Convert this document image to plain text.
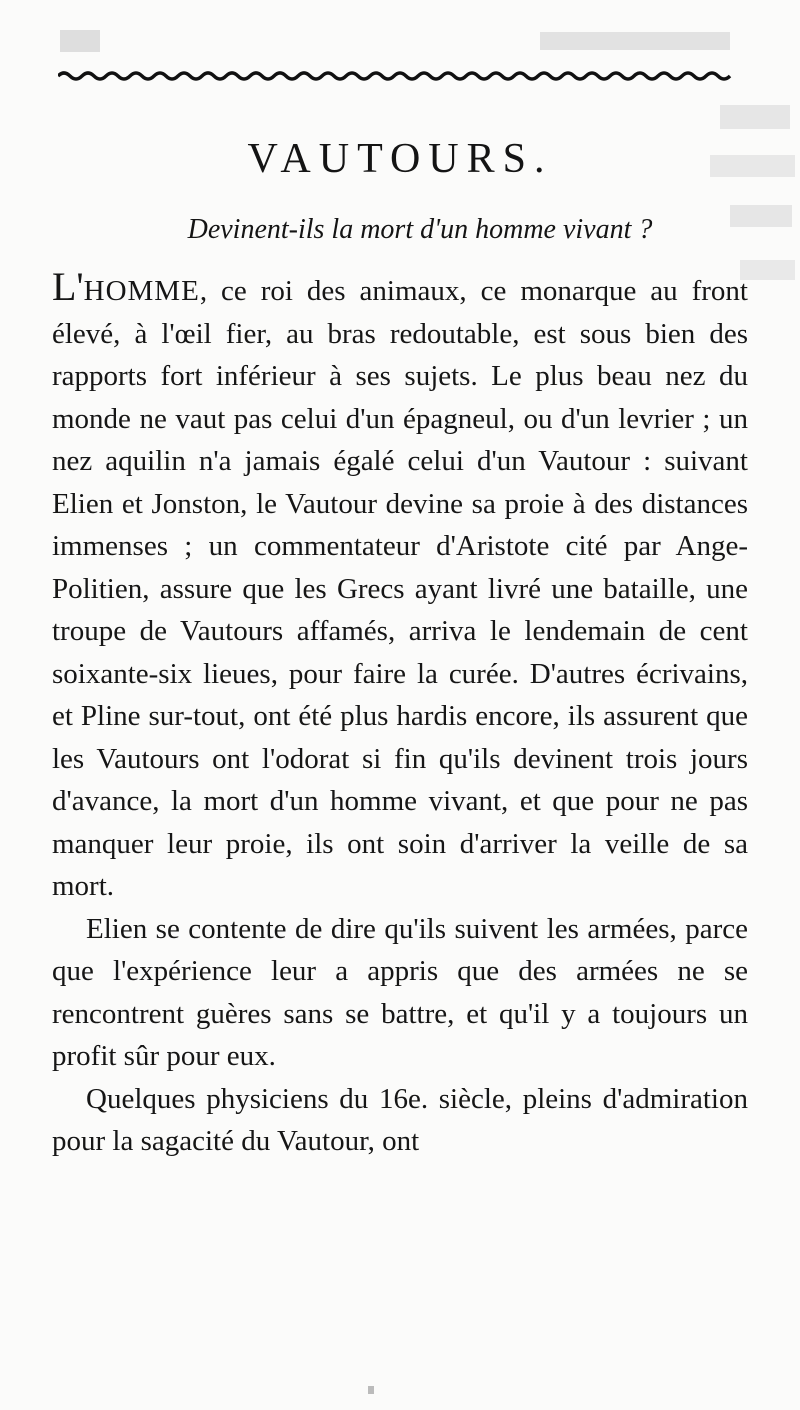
VAUTOURS.
Devinent-ils la mort d'un homme vivant ?

L'HOMME, ce roi des animaux, ce monarque au front élevé, à l'œil fier, au bras redoutable, est sous bien des rapports fort inférieur à ses sujets. Le plus beau nez du monde ne vaut pas celui d'un épagneul, ou d'un levrier ; un nez aquilin n'a jamais égalé celui d'un Vautour : suivant Elien et Jonston, le Vautour devine sa proie à des distances immenses ; un commentateur d'Aristote cité par Ange-Politien, assure que les Grecs ayant livré une bataille, une troupe de Vautours affamés, arriva le lendemain de cent soixante-six lieues, pour faire la curée. D'autres écrivains, et Pline sur-tout, ont été plus hardis encore, ils assurent que les Vautours ont l'odorat si fin qu'ils devinent trois jours d'avance, la mort d'un homme vivant, et que pour ne pas manquer leur proie, ils ont soin d'arriver la veille de sa mort.

Elien se contente de dire qu'ils suivent les armées, parce que l'expérience leur a appris que des armées ne se rencontrent guères sans se battre, et qu'il y a toujours un profit sûr pour eux.

Quelques physiciens du 16e. siècle, pleins d'admiration pour la sagacité du Vautour, ont
